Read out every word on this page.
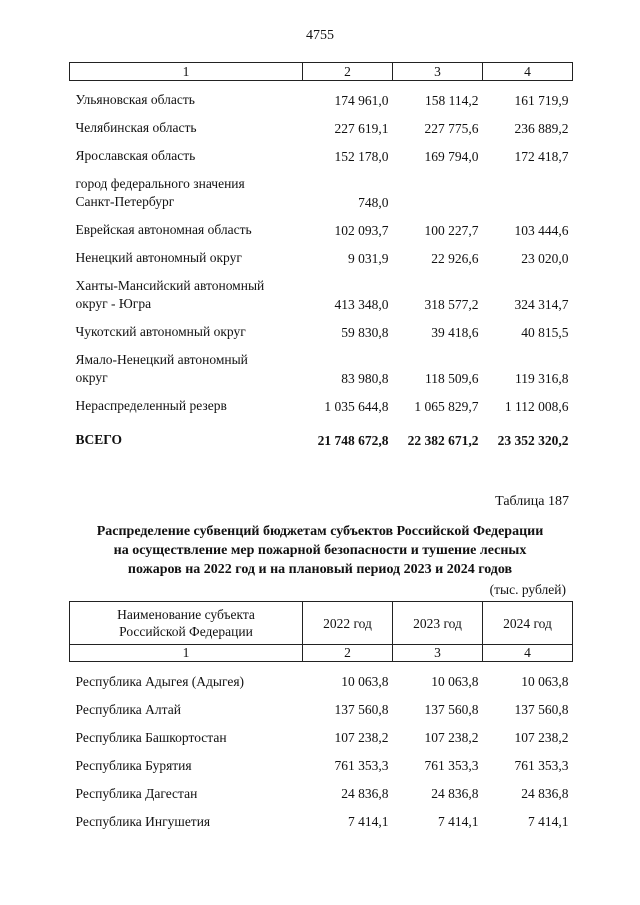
4755
1	2	3	4
Ульяновская область	174 961,0	158 114,2	161 719,9
Челябинская область	227 619,1	227 775,6	236 889,2
Ярославская область	152 178,0	169 794,0	172 418,7

город федерального значения
Санкт-Петербург	748,0		
Еврейская автономная область	102 093,7	100 227,7	103 444,6
Ненецкий автономный округ	9 031,9	22 926,6	23 020,0

Ханты-Мансийский автономный
округ - Югра	413 348,0	318 577,2	324 314,7
Чукотский автономный округ	59 830,8	39 418,6	40 815,5

Ямало-Ненецкий автономный
округ	83 980,8	118 509,6	119 316,8
Нераспределенный резерв	1 035 644,8	1 065 829,7	1 112 008,6
ВСЕГО	21 748 672,8	22 382 671,2	23 352 320,2
Таблица 187
Распределение субвенций бюджетам субъектов Российской Федерации
на осуществление мер пожарной безопасности и тушение лесных
пожаров на 2022 год и на плановый период 2023 и 2024 годов
(тыс. рублей)
Наименование субъекта
Российской Федерации	2022 год	2023 год	2024 год
1	2	3	4
Республика Адыгея (Адыгея)	10 063,8	10 063,8	10 063,8
Республика Алтай	137 560,8	137 560,8	137 560,8
Республика Башкортостан	107 238,2	107 238,2	107 238,2
Республика Бурятия	761 353,3	761 353,3	761 353,3
Республика Дагестан	24 836,8	24 836,8	24 836,8
Республика Ингушетия	7 414,1	7 414,1	7 414,1
